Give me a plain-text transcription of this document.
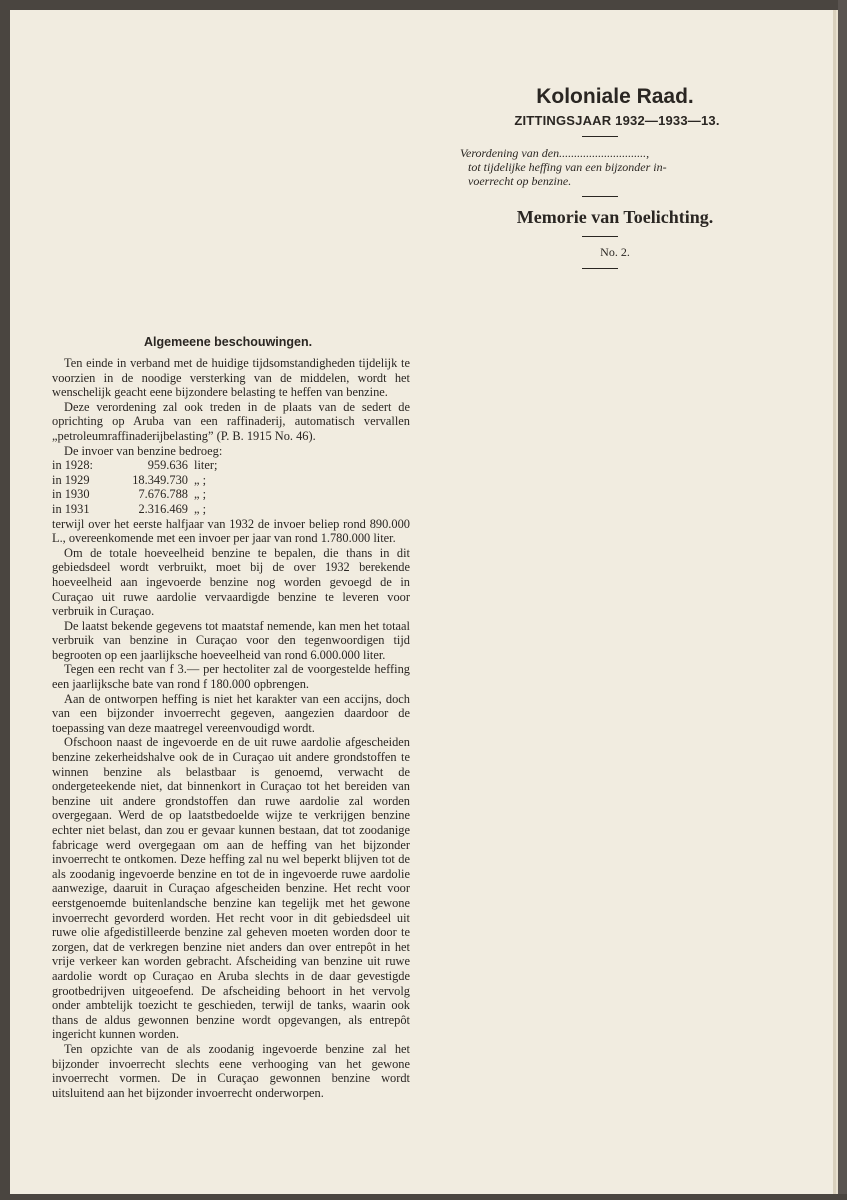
Koloniale Raad.
ZITTINGSJAAR 1932—1933—13.
Verordening van den.............................,
tot tijdelijke heffing van een bijzonder in-
voerrecht op benzine.
Memorie van Toelichting.
No. 2.
Algemeene beschouwingen.

Ten einde in verband met de huidige tijdsomstandigheden tijdelijk te voorzien in de noodige versterking van de middelen, wordt het wenschelijk geacht eene bijzondere belasting te heffen van benzine.

Deze verordening zal ook treden in de plaats van de sedert de oprichting op Aruba van een raffinaderij, automatisch vervallen „petroleumraffinaderijbelasting” (P. B. 1915 No. 46).

De invoer van benzine bedroeg:

in 1928:	959.636 liter;
in 1929	18.349.730 „ ;
in 1930	7.676.788 „ ;
in 1931	2.316.469 „ ;

terwijl over het eerste halfjaar van 1932 de invoer beliep rond 890.000 L., overeenkomende met een invoer per jaar van rond 1.780.000 liter.

Om de totale hoeveelheid benzine te bepalen, die thans in dit gebiedsdeel wordt verbruikt, moet bij de over 1932 berekende hoeveelheid aan ingevoerde benzine nog worden gevoegd de in Curaçao uit ruwe aardolie vervaardigde benzine te leveren voor verbruik in Curaçao.

De laatst bekende gegevens tot maatstaf nemende, kan men het totaal verbruik van benzine in Curaçao voor den tegenwoordigen tijd begrooten op een jaarlijksche hoeveelheid van rond 6.000.000 liter.

Tegen een recht van f 3.— per hectoliter zal de voorgestelde heffing een jaarlijksche bate van rond f 180.000 opbrengen.

Aan de ontworpen heffing is niet het karakter van een accijns, doch van een bijzonder invoerrecht gegeven, aangezien daardoor de toepassing van deze maatregel vereenvoudigd wordt.

Ofschoon naast de ingevoerde en de uit ruwe aardolie afgescheiden benzine zekerheidshalve ook de in Curaçao uit andere grondstoffen te winnen benzine als belastbaar is genoemd, verwacht de ondergeteekende niet, dat binnenkort in Curaçao tot het bereiden van benzine uit andere grondstoffen dan ruwe aardolie zal worden overgegaan. Werd de op laatstbedoelde wijze te verkrijgen benzine echter niet belast, dan zou er gevaar kunnen bestaan, dat tot zoodanige fabricage werd overgegaan om aan de heffing van het bijzonder invoerrecht te ontkomen. Deze heffing zal nu wel beperkt blijven tot de als zoodanig ingevoerde benzine en tot de in ingevoerde ruwe aardolie aanwezige, daaruit in Curaçao afgescheiden benzine. Het recht voor eerstgenoemde buitenlandsche benzine kan tegelijk met het gewone invoerrecht gevorderd worden. Het recht voor in dit gebiedsdeel uit ruwe olie afgedistilleerde benzine zal geheven moeten worden door te zorgen, dat de verkregen benzine niet anders dan over entrepôt in het vrije verkeer kan worden gebracht. Afscheiding van benzine uit ruwe aardolie wordt op Curaçao en Aruba slechts in de daar gevestigde grootbedrijven uitgeoefend. De afscheiding behoort in het vervolg onder ambtelijk toezicht te geschieden, terwijl de tanks, waarin ook thans de aldus gewonnen benzine wordt opgevangen, als entrepôt ingericht kunnen worden.

Ten opzichte van de als zoodanig ingevoerde benzine zal het bijzonder invoerrecht slechts eene verhooging van het gewone invoerrecht vormen. De in Curaçao gewonnen benzine wordt uitsluitend aan het bijzonder invoerrecht onderworpen.
